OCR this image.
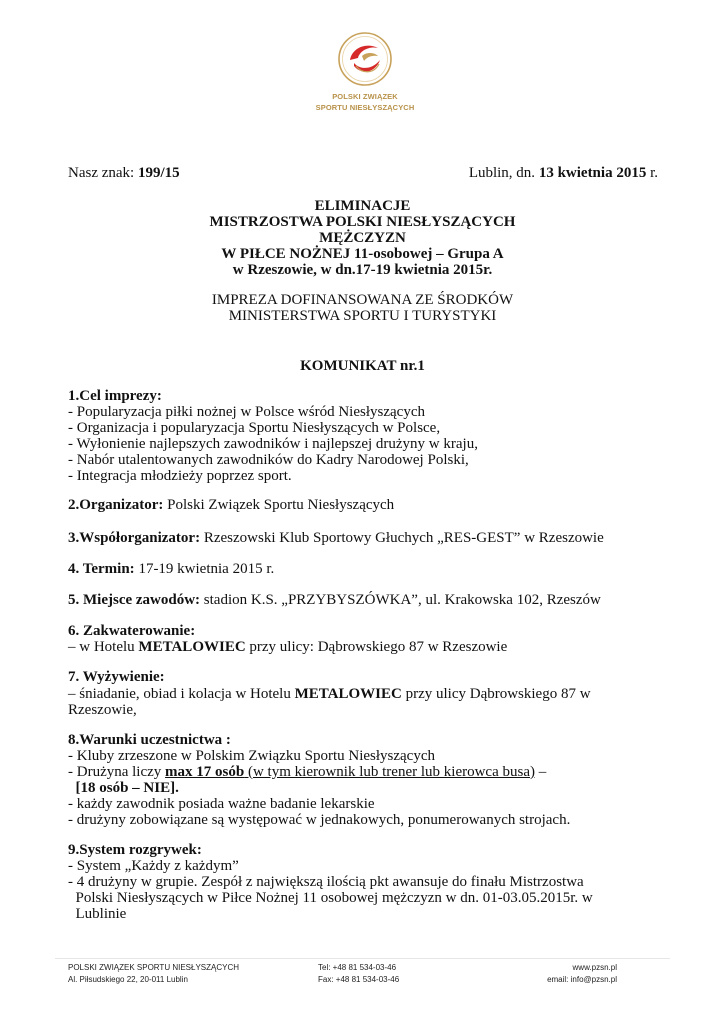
POLSKI ZWIĄZEK
SPORTU NIESŁYSZĄCYCH
Nasz znak: 199/15	Lublin, dn. 13 kwietnia 2015 r.
ELIMINACJE
MISTRZOSTWA POLSKI NIESŁYSZĄCYCH
MĘŻCZYZN
W PIŁCE NOŻNEJ 11-osobowej – Grupa A
w Rzeszowie, w dn.17-19 kwietnia 2015r.
IMPREZA DOFINANSOWANA ZE ŚRODKÓW
MINISTERSTWA SPORTU I TURYSTYKI
KOMUNIKAT nr.1
1.Cel imprezy:
- Popularyzacja piłki nożnej w Polsce wśród Niesłyszących
- Organizacja i popularyzacja Sportu Niesłyszących w Polsce,
- Wyłonienie najlepszych zawodników i najlepszej drużyny w kraju,
- Nabór utalentowanych zawodników do Kadry Narodowej Polski,
- Integracja młodzieży poprzez sport.
2.Organizator: Polski Związek Sportu Niesłyszących
3.Współorganizator: Rzeszowski Klub Sportowy Głuchych „RES-GEST” w Rzeszowie
4. Termin: 17-19 kwietnia 2015 r.
5. Miejsce zawodów: stadion K.S. „PRZYBYSZÓWKA”, ul. Krakowska 102, Rzeszów
6. Zakwaterowanie:
– w Hotelu METALOWIEC przy ulicy: Dąbrowskiego 87 w Rzeszowie
7. Wyżywienie:
– śniadanie, obiad i kolacja w Hotelu METALOWIEC przy ulicy Dąbrowskiego 87 w
Rzeszowie,
8.Warunki uczestnictwa :
- Kluby zrzeszone w Polskim Związku Sportu Niesłyszących
- Drużyna liczy max 17 osób (w tym kierownik lub trener lub kierowca busa) –
[18 osób – NIE].
- każdy zawodnik posiada ważne badanie lekarskie
- drużyny zobowiązane są występować w jednakowych, ponumerowanych strojach.
9.System rozgrywek:
- System „Każdy z każdym”
- 4 drużyny w grupie. Zespół z największą ilością pkt awansuje do finału Mistrzostwa
Polski Niesłyszących w Piłce Nożnej 11 osobowej mężczyzn w dn. 01-03.05.2015r. w
Lublinie
POLSKI ZWIĄZEK SPORTU NIESŁYSZĄCYCH
Al. Piłsudskiego 22, 20-011 Lublin
Tel: +48 81 534-03-46
Fax: +48 81 534-03-46
www.pzsn.pl
email: info@pzsn.pl
